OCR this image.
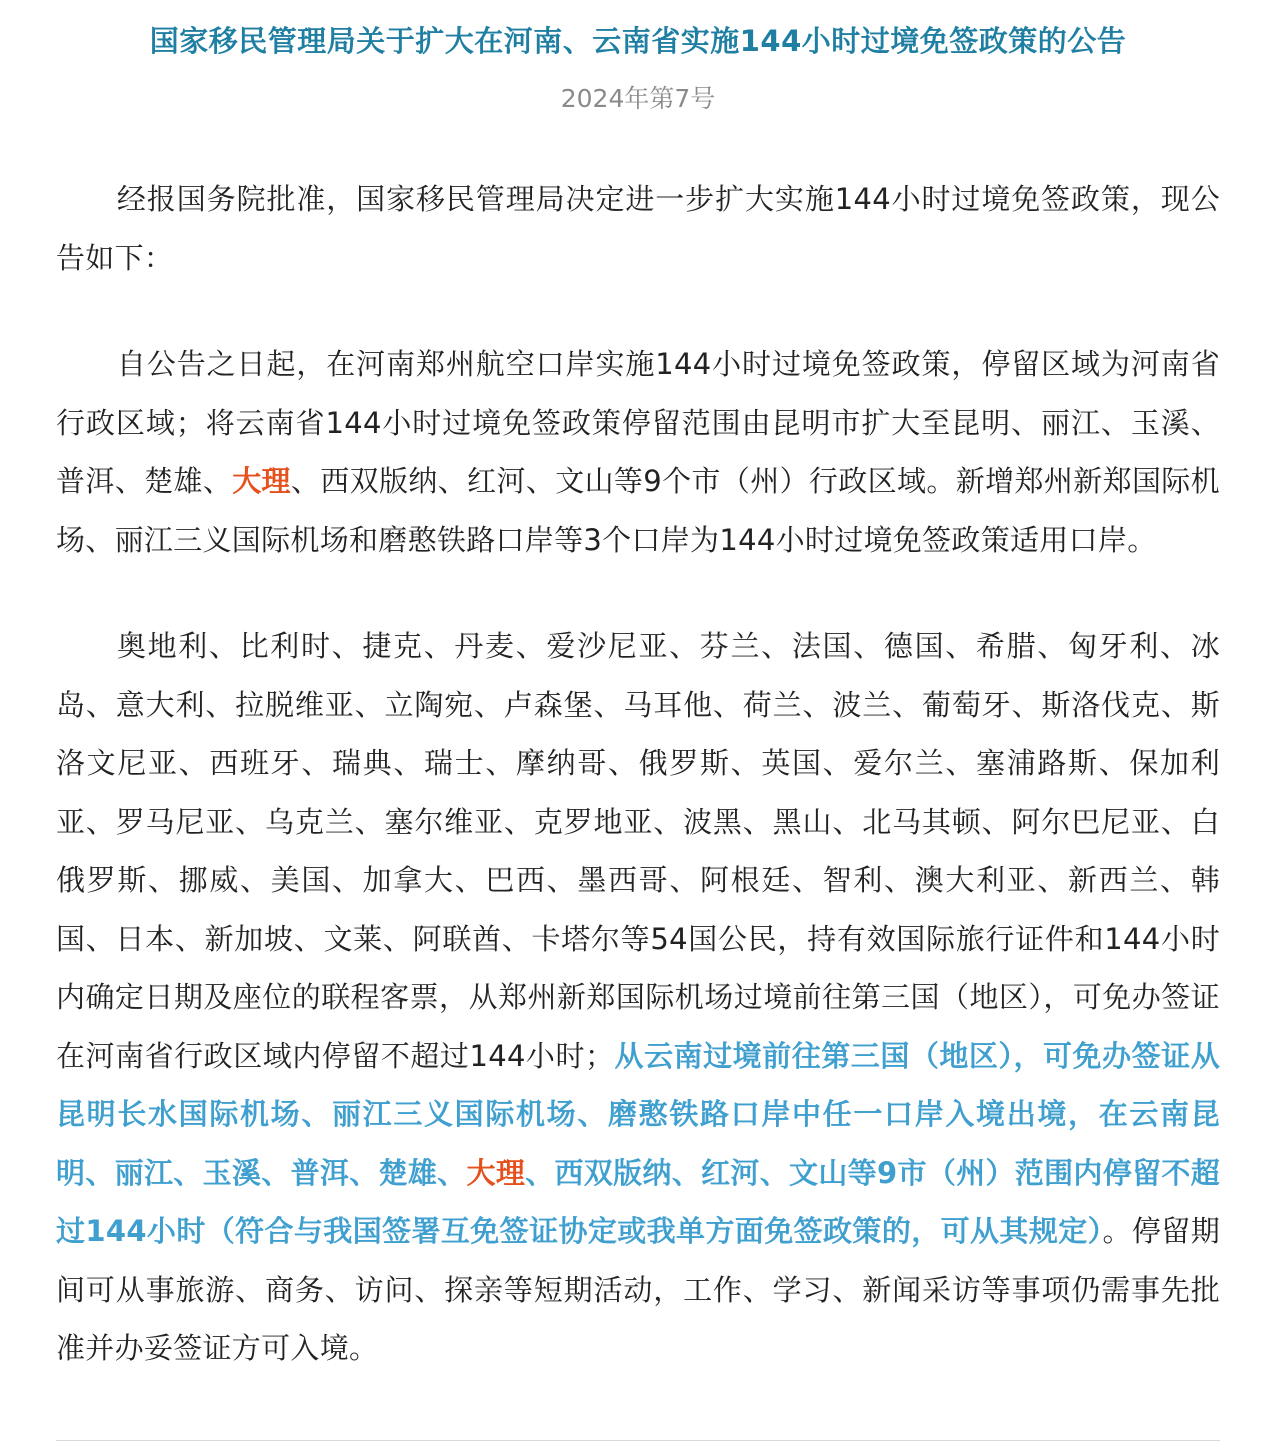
国家移民管理局关于扩大在河南、云南省实施144小时过境免签政策的公告
2024年第7号

经报国务院批准，国家移民管理局决定进一步扩大实施144小时过境免签政策，现公告如下：

自公告之日起，在河南郑州航空口岸实施144小时过境免签政策，停留区域为河南省行政区域；将云南省144小时过境免签政策停留范围由昆明市扩大至昆明、丽江、玉溪、普洱、楚雄、大理、西双版纳、红河、文山等9个市（州）行政区域。新增郑州新郑国际机场、丽江三义国际机场和磨憨铁路口岸等3个口岸为144小时过境免签政策适用口岸。

奥地利、比利时、捷克、丹麦、爱沙尼亚、芬兰、法国、德国、希腊、匈牙利、冰岛、意大利、拉脱维亚、立陶宛、卢森堡、马耳他、荷兰、波兰、葡萄牙、斯洛伐克、斯洛文尼亚、西班牙、瑞典、瑞士、摩纳哥、俄罗斯、英国、爱尔兰、塞浦路斯、保加利亚、罗马尼亚、乌克兰、塞尔维亚、克罗地亚、波黑、黑山、北马其顿、阿尔巴尼亚、白俄罗斯、挪威、美国、加拿大、巴西、墨西哥、阿根廷、智利、澳大利亚、新西兰、韩国、日本、新加坡、文莱、阿联酋、卡塔尔等54国公民，持有效国际旅行证件和144小时内确定日期及座位的联程客票，从郑州新郑国际机场过境前往第三国（地区），可免办签证在河南省行政区域内停留不超过144小时；从云南过境前往第三国（地区），可免办签证从昆明长水国际机场、丽江三义国际机场、磨憨铁路口岸中任一口岸入境出境，在云南昆明、丽江、玉溪、普洱、楚雄、大理、西双版纳、红河、文山等9市（州）范围内停留不超过144小时（符合与我国签署互免签证协定或我单方面免签政策的，可从其规定）。停留期间可从事旅游、商务、访问、探亲等短期活动，工作、学习、新闻采访等事项仍需事先批准并办妥签证方可入境。
